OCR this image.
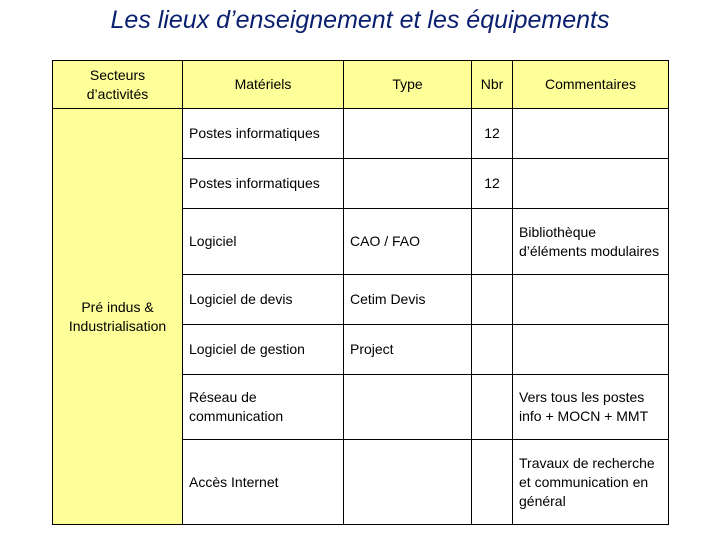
Les lieux d’enseignement et les équipements
Secteurs d’activités	Matériels	Type	Nbr	Commentaires
Pré indus & Industrialisation	Postes informatiques		12	
	Postes informatiques		12	
	Logiciel	CAO / FAO		Bibliothèque d’éléments modulaires
	Logiciel de devis	Cetim Devis		
	Logiciel de gestion	Project		
	Réseau de communication			Vers tous les postes info + MOCN + MMT
	Accès Internet			Travaux de recherche et communication en général
